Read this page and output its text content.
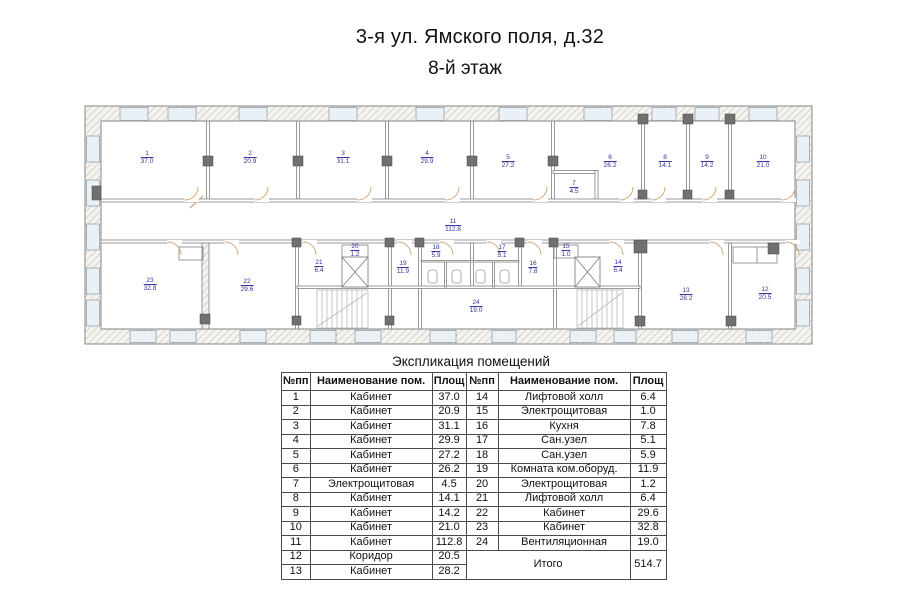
3-я ул. Ямского поля, д.32
8-й этаж
1
37.0
2
20.9
3
31.1
4
29.9
5
27.2
6
26.2
7
4.5
8
14.1
9
14.2
10
21.0
11
112.8
12
20.5
13
28.2
14
6.4
15
1.0
16
7.8
17
5.1
18
5.9
19
11.9
20
1.2
21
6.4
22
29.6
23
32.8
24
19.0
Экспликация помещений
№пп	Наименование пом.	Площ	№пп	Наименование пом.	Площ
1	Кабинет	37.0	14	Лифтовой холл	6.4
2	Кабинет	20.9	15	Электрощитовая	1.0
3	Кабинет	31.1	16	Кухня	7.8
4	Кабинет	29.9	17	Сан.узел	5.1
5	Кабинет	27.2	18	Сан.узел	5.9
6	Кабинет	26.2	19	Комната ком.оборуд.	11.9
7	Электрощитовая	4.5	20	Электрощитовая	1.2
8	Кабинет	14.1	21	Лифтовой холл	6.4
9	Кабинет	14.2	22	Кабинет	29.6
10	Кабинет	21.0	23	Кабинет	32.8
11	Кабинет	112.8	24	Вентиляционная	19.0
12	Коридор	20.5	Итого		514.7
13	Кабинет	28.2			
